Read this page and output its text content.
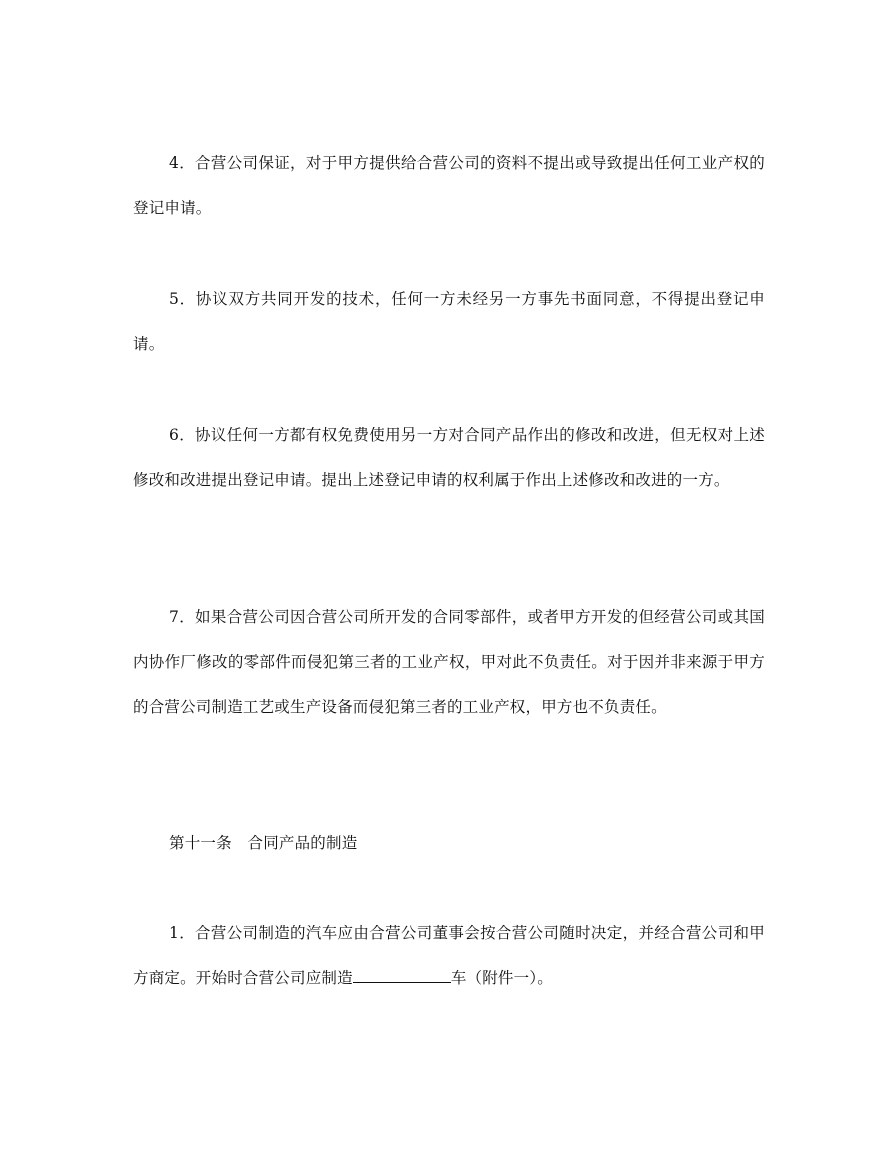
4．合营公司保证，对于甲方提供给合营公司的资料不提出或导致提出任何工业产权的登记申请。

5．协议双方共同开发的技术，任何一方未经另一方事先书面同意，不得提出登记申请。

6．协议任何一方都有权免费使用另一方对合同产品作出的修改和改进，但无权对上述修改和改进提出登记申请。提出上述登记申请的权利属于作出上述修改和改进的一方。

7．如果合营公司因合营公司所开发的合同零部件，或者甲方开发的但经营公司或其国内协作厂修改的零部件而侵犯第三者的工业产权，甲对此不负责任。对于因并非来源于甲方的合营公司制造工艺或生产设备而侵犯第三者的工业产权，甲方也不负责任。

第十一条　合同产品的制造

1．合营公司制造的汽车应由合营公司董事会按合营公司随时决定，并经合营公司和甲方商定。开始时合营公司应制造	车（附件一）。
